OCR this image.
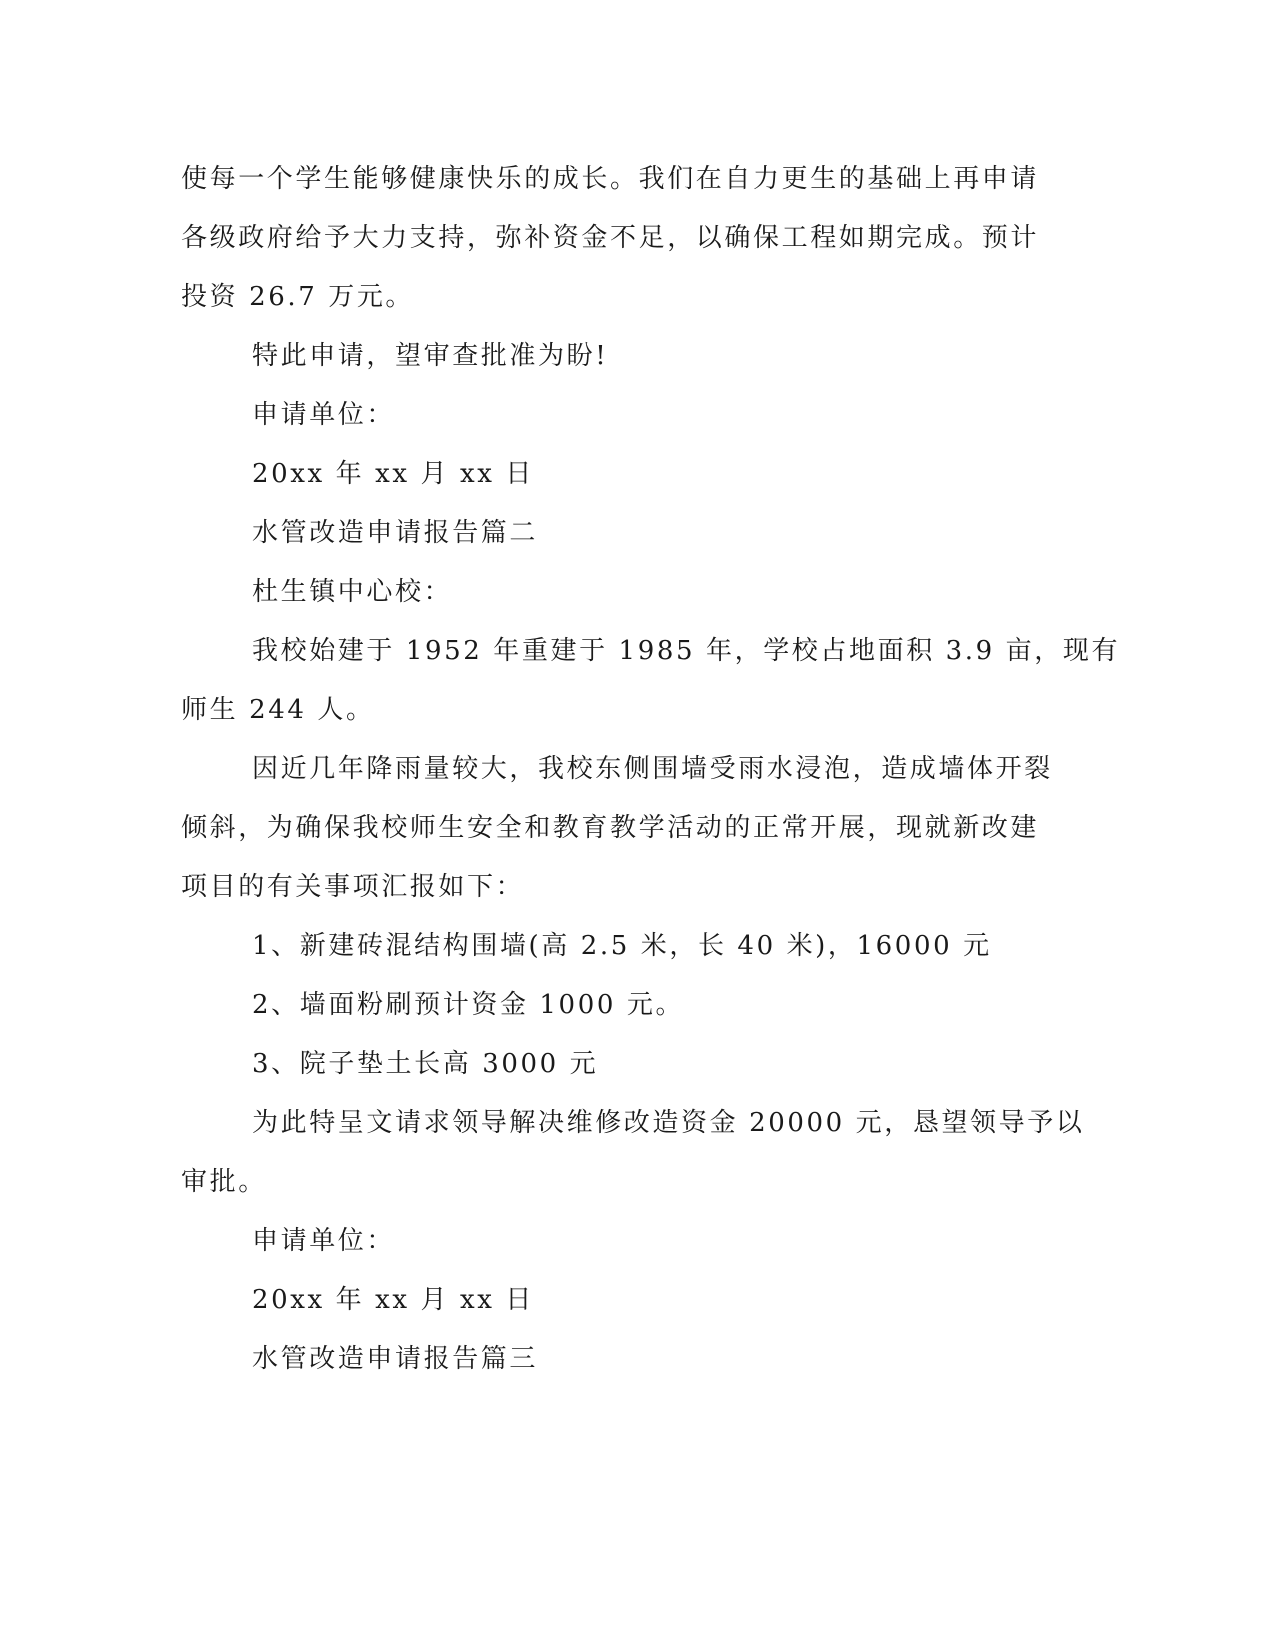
使每一个学生能够健康快乐的成长。我们在自力更生的基础上再申请
各级政府给予大力支持，弥补资金不足，以确保工程如期完成。预计
投资 26.7 万元。
特此申请，望审查批准为盼!
申请单位：
20xx 年 xx 月 xx 日
水管改造申请报告篇二
杜生镇中心校：
我校始建于 1952 年重建于 1985 年，学校占地面积 3.9 亩，现有
师生 244 人。
因近几年降雨量较大，我校东侧围墙受雨水浸泡，造成墙体开裂
倾斜，为确保我校师生安全和教育教学活动的正常开展，现就新改建
项目的有关事项汇报如下：
1、新建砖混结构围墙(高 2.5 米，长 40 米)，16000 元
2、墙面粉刷预计资金 1000 元。
3、院子垫土长高 3000 元
为此特呈文请求领导解决维修改造资金 20000 元，恳望领导予以
审批。
申请单位：
20xx 年 xx 月 xx 日
水管改造申请报告篇三
